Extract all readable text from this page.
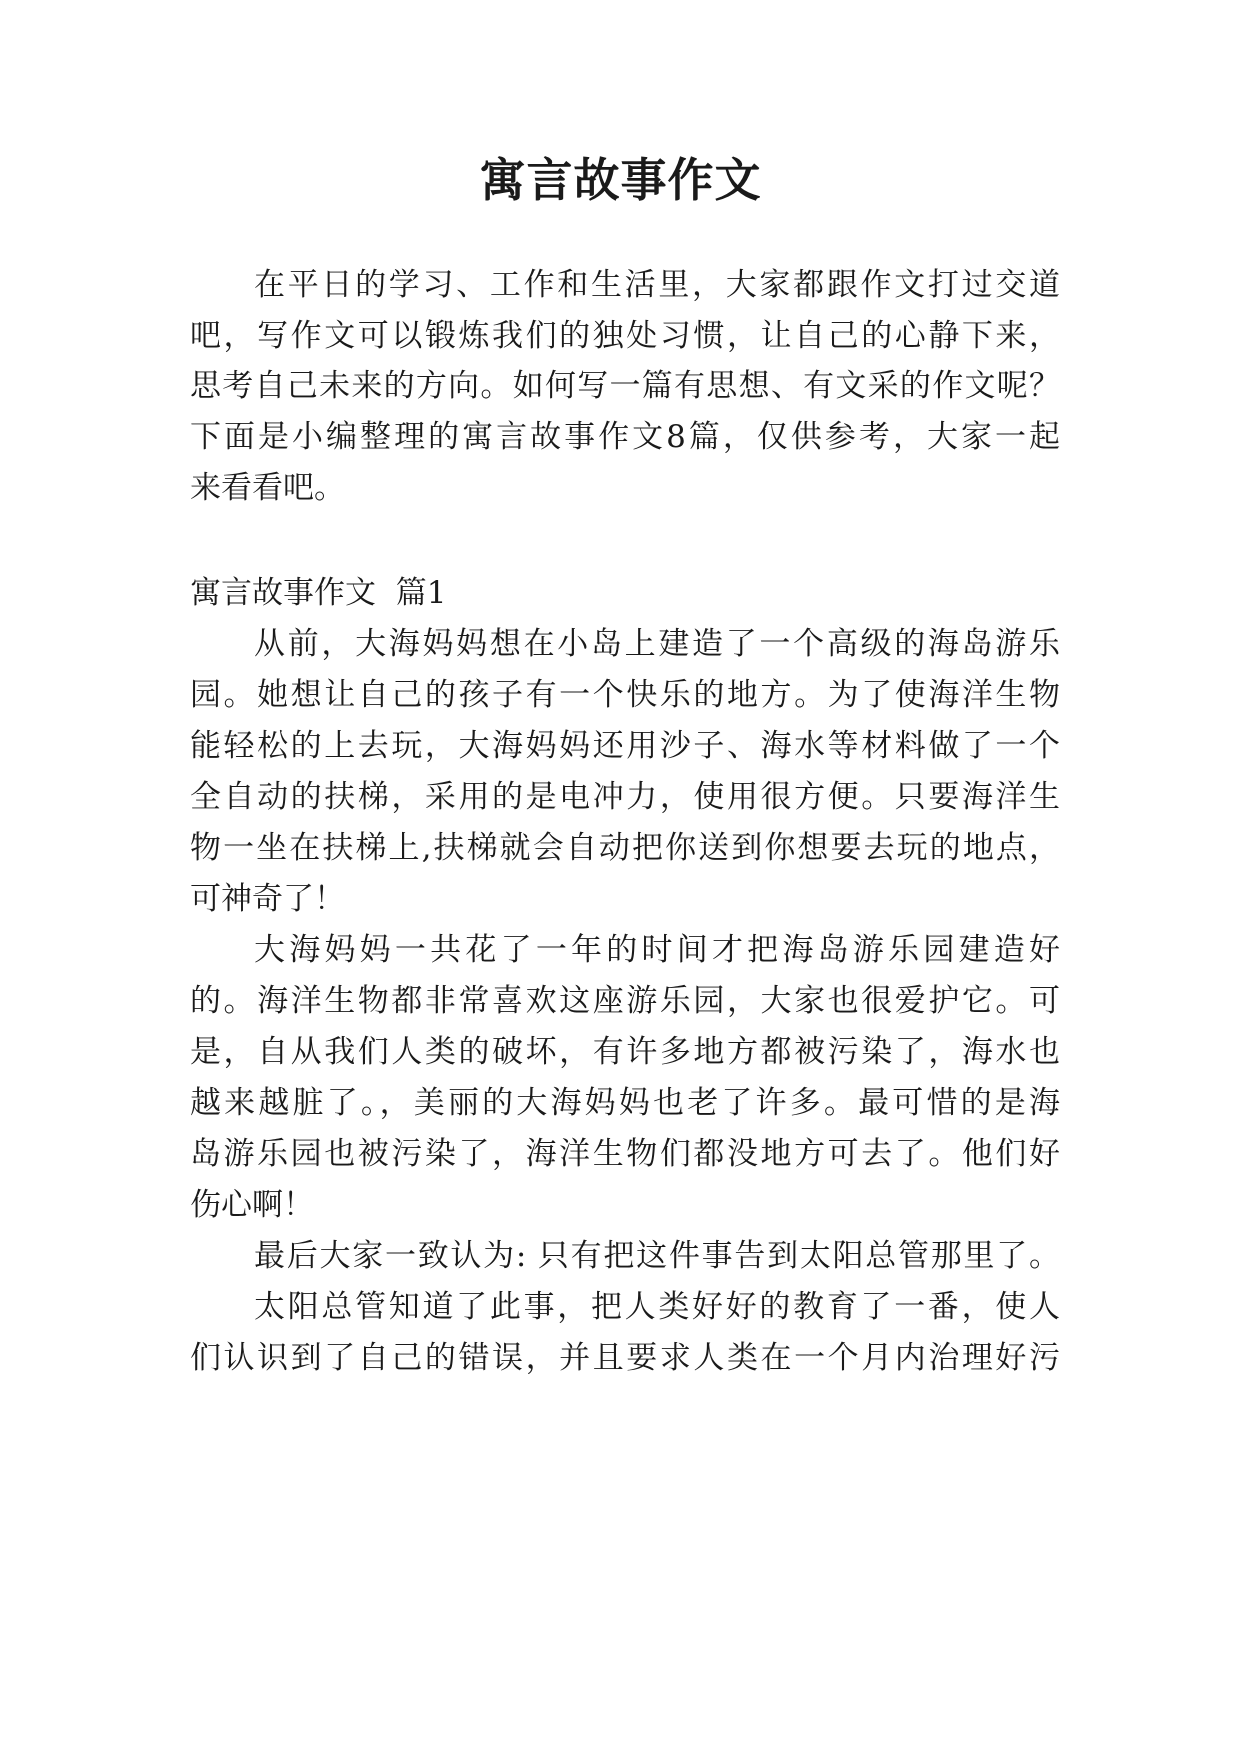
寓言故事作文
在平日的学习、工作和生活里，大家都跟作文打过交道
吧，写作文可以锻炼我们的独处习惯，让自己的心静下来，
思考自己未来的方向。如何写一篇有思想、有文采的作文呢？
下面是小编整理的寓言故事作文8篇，仅供参考，大家一起
来看看吧。
寓言故事作文  篇1
从前，大海妈妈想在小岛上建造了一个高级的海岛游乐
园。她想让自己的孩子有一个快乐的地方。为了使海洋生物
能轻松的上去玩，大海妈妈还用沙子、海水等材料做了一个
全自动的扶梯，采用的是电冲力，使用很方便。只要海洋生
物一坐在扶梯上,扶梯就会自动把你送到你想要去玩的地点，
可神奇了！
大海妈妈一共花了一年的时间才把海岛游乐园建造好
的。海洋生物都非常喜欢这座游乐园，大家也很爱护它。可
是，自从我们人类的破坏，有许多地方都被污染了，海水也
越来越脏了。，美丽的大海妈妈也老了许多。最可惜的是海
岛游乐园也被污染了，海洋生物们都没地方可去了。他们好
伤心啊！
最后大家一致认为: 只有把这件事告到太阳总管那里了。
太阳总管知道了此事，把人类好好的教育了一番，使人
们认识到了自己的错误，并且要求人类在一个月内治理好污
